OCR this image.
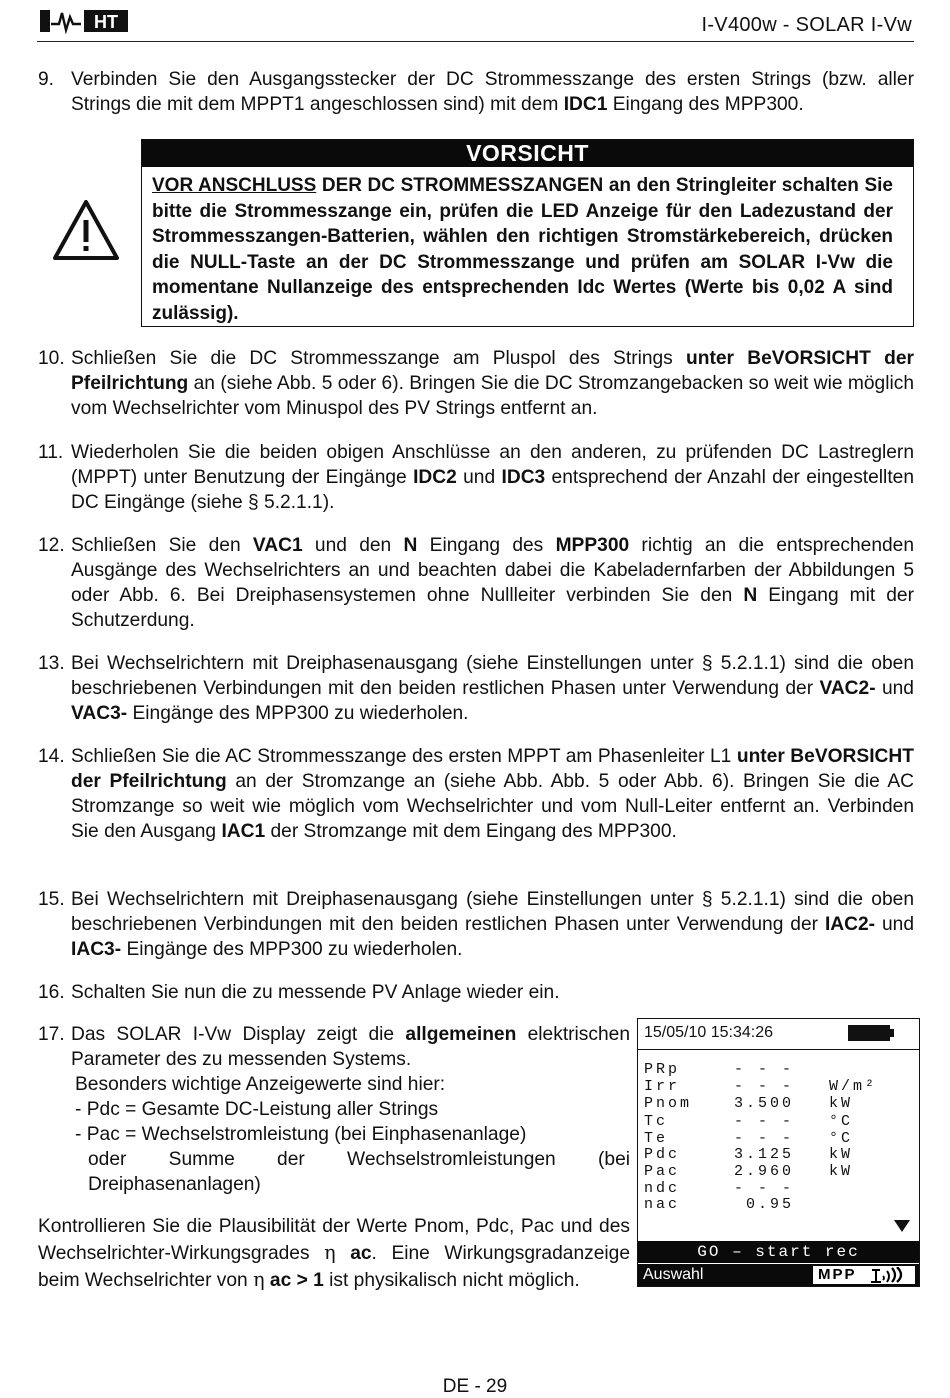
HT	I-V400w - SOLAR I-Vw
9. Verbinden Sie den Ausgangsstecker der DC Strommesszange des ersten Strings (bzw. aller Strings die mit dem MPPT1 angeschlossen sind) mit dem IDC1 Eingang des MPP300.
VORSICHT
VOR ANSCHLUSS DER DC STROMMESSZANGEN an den Stringleiter schalten Sie bitte die Strommesszange ein, prüfen die LED Anzeige für den Ladezustand der Strommesszangen-Batterien, wählen den richtigen Stromstärkebereich, drücken die NULL-Taste an der DC Strommesszange und prüfen am SOLAR I-Vw die momentane Nullanzeige des entsprechenden Idc Wertes (Werte bis 0,02 A sind zulässig).
10. Schließen Sie die DC Strommesszange am Pluspol des Strings unter BeVORSICHT der Pfeilrichtung an (siehe Abb. 5 oder 6). Bringen Sie die DC Stromzangebacken so weit wie möglich vom Wechselrichter vom Minuspol des PV Strings entfernt an.
11. Wiederholen Sie die beiden obigen Anschlüsse an den anderen, zu prüfenden DC Lastreglern (MPPT) unter Benutzung der Eingänge IDC2 und IDC3 entsprechend der Anzahl der eingestellten DC Eingänge (siehe § 5.2.1.1).
12. Schließen Sie den VAC1 und den N Eingang des MPP300 richtig an die entsprechenden Ausgänge des Wechselrichters an und beachten dabei die Kabeladernfarben der Abbildungen 5 oder Abb. 6. Bei Dreiphasensystemen ohne Nullleiter verbinden Sie den N Eingang mit der Schutzerdung.
13. Bei Wechselrichtern mit Dreiphasenausgang (siehe Einstellungen unter § 5.2.1.1) sind die oben beschriebenen Verbindungen mit den beiden restlichen Phasen unter Verwendung der VAC2- und VAC3- Eingänge des MPP300 zu wiederholen.
14. Schließen Sie die AC Strommesszange des ersten MPPT am Phasenleiter L1 unter BeVORSICHT der Pfeilrichtung an der Stromzange an (siehe Abb. Abb. 5 oder Abb. 6). Bringen Sie die AC Stromzange so weit wie möglich vom Wechselrichter und vom Null-Leiter entfernt an. Verbinden Sie den Ausgang IAC1 der Stromzange mit dem Eingang des MPP300.
15. Bei Wechselrichtern mit Dreiphasenausgang (siehe Einstellungen unter § 5.2.1.1) sind die oben beschriebenen Verbindungen mit den beiden restlichen Phasen unter Verwendung der IAC2- und IAC3- Eingänge des MPP300 zu wiederholen.
16. Schalten Sie nun die zu messende PV Anlage wieder ein.
17. Das SOLAR I-Vw Display zeigt die allgemeinen elektrischen Parameter des zu messenden Systems.
Besonders wichtige Anzeigewerte sind hier:
- Pdc = Gesamte DC-Leistung aller Strings
- Pac = Wechselstromleistung (bei Einphasenanlage)
oder Summe der Wechselstromleistungen (bei
Dreiphasenanlagen)
Kontrollieren Sie die Plausibilität der Werte Pnom, Pdc, Pac und des Wechselrichter-Wirkungsgrades η ac. Eine Wirkungsgradanzeige beim Wechselrichter von η ac > 1 ist physikalisch nicht möglich.
15/05/10 15:34:26
PRp	- - -
Irr	- - - W/m²
Pnom	3.500 kW
Tc	- - - °C
Te	- - - °C
Pdc	3.125 kW
Pac	2.960 kW
ndc	- - -
nac	0.95
GO – start rec
Auswahl	MPP
DE - 29
